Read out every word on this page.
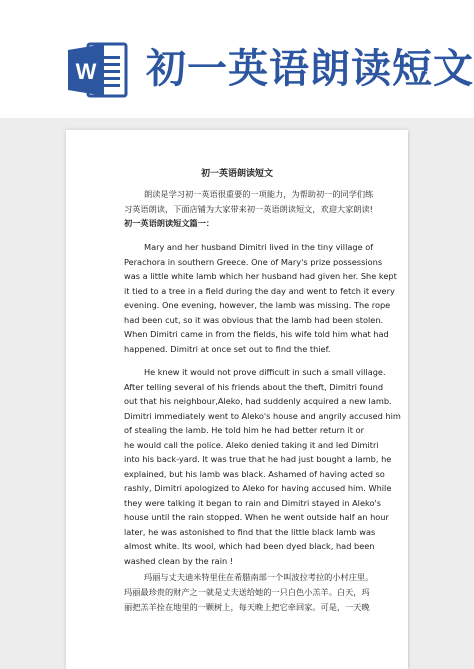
W 初一英语朗读短文
初一英语朗读短文
朗读是学习初一英语很重要的一项能力，为帮助初一的同学们练
习英语朗读，下面店铺为大家带来初一英语朗读短文，欢迎大家朗读!
初一英语朗读短文篇一：
Mary and her husband Dimitri lived in the tiny village of
Perachora in southern Greece. One of Mary's prize possessions
was a little white lamb which her husband had given her. She kept
it tied to a tree in a field during the day and went to fetch it every
evening. One evening, however, the lamb was missing. The rope
had been cut, so it was obvious that the lamb had been stolen.
When Dimitri came in from the fields, his wife told him what had
happened. Dimitri at once set out to find the thief.
He knew it would not prove difficult in such a small village.
After telling several of his friends about the theft, Dimitri found
out that his neighbour,Aleko, had suddenly acquired a new lamb.
Dimitri immediately went to Aleko's house and angrily accused him
of stealing the lamb. He told him he had better return it or
he would call the police. Aleko denied taking it and led Dimitri
into his back-yard. It was true that he had just bought a lamb, he
explained, but his lamb was black. Ashamed of having acted so
rashly, Dimitri apologized to Aleko for having accused him. While
they were talking it began to rain and Dimitri stayed in Aleko's
house until the rain stopped. When he went outside half an hour
later, he was astonished to find that the little black lamb was
almost white. Its wool, which had been dyed black, had been
washed clean by the rain !
玛丽与丈夫迪米特里住在希腊南部一个叫波拉考拉的小村庄里。
玛丽最珍贵的财产之一就是丈夫送给她的一只白色小羔羊。白天，玛
丽把羔羊拴在地里的一颗树上，每天晚上把它牵回家。可是，一天晚
